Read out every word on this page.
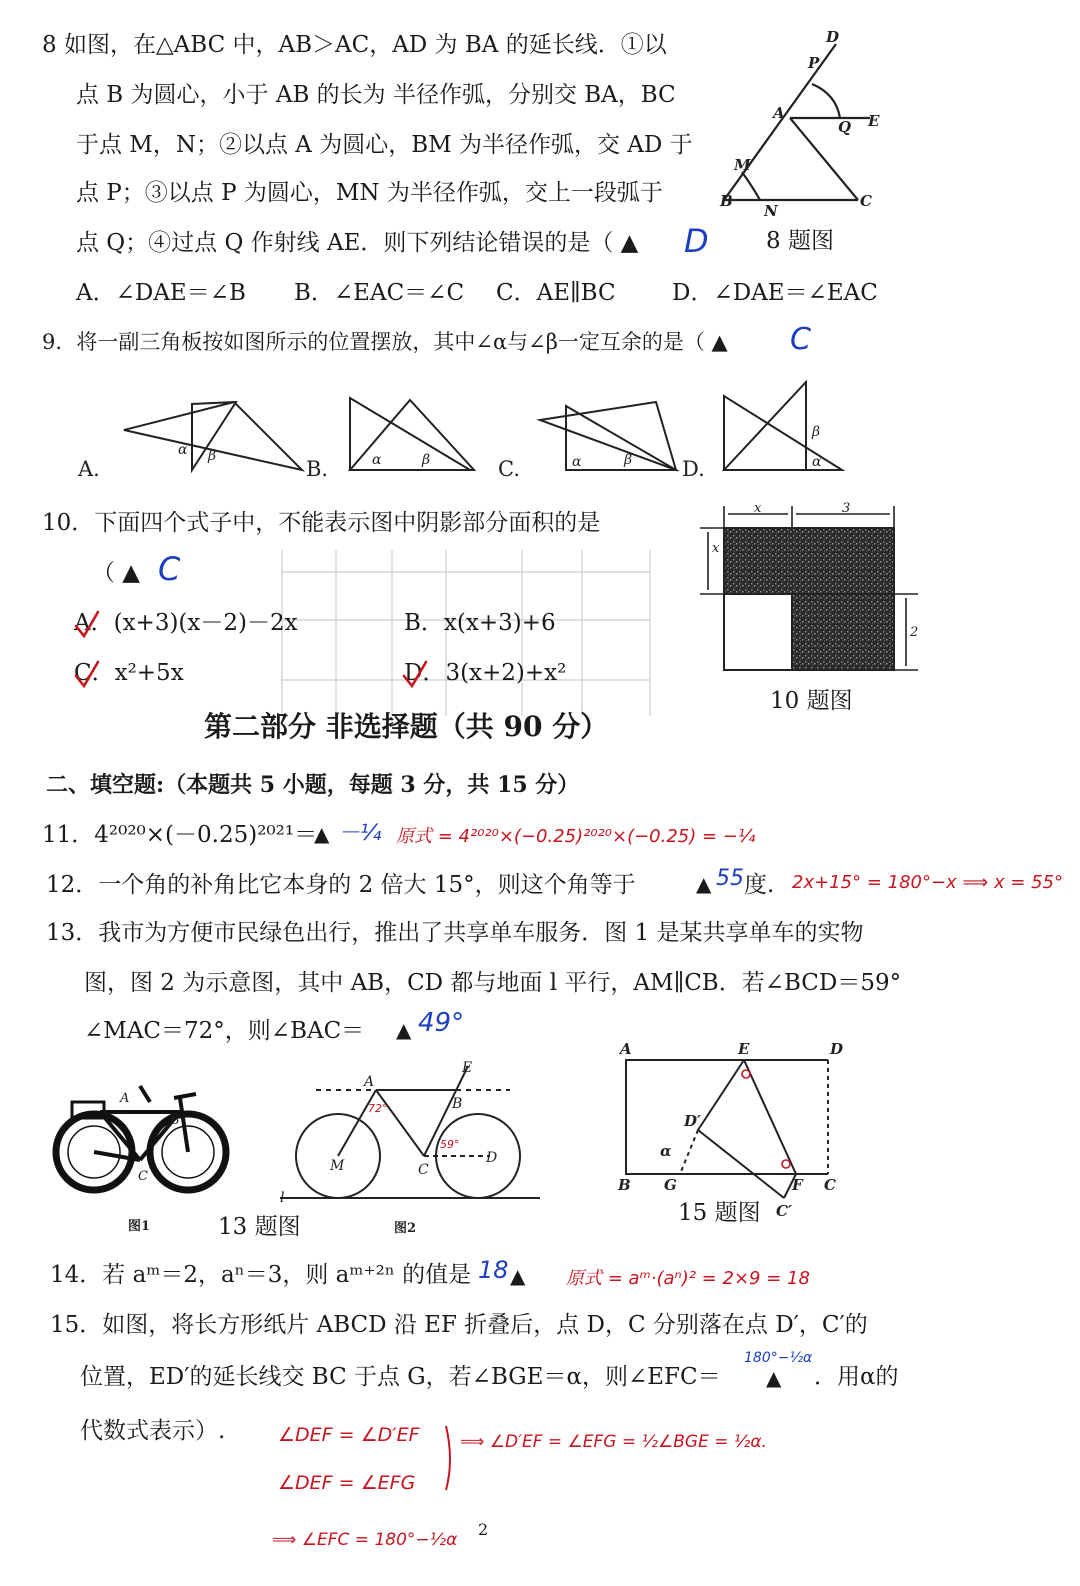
8 如图，在△ABC 中，AB＞AC，AD 为 BA 的延长线．①以
点 B 为圆心，小于 AB 的长为 半径作弧，分别交 BA，BC
于点 M，N；②以点 A 为圆心，BM 为半径作弧，交 AD 于
点 P；③以点 P 为圆心，MN 为半径作弧，交上一段弧于
点 Q；④过点 Q 作射线 AE．则下列结论错误的是（ ▲ D
A．∠DAE＝∠B B．∠EAC＝∠C C．AE∥BC D．∠DAE＝∠EAC
8 题图
D
P
A
Q E
M
B
N
C
9．将一副三角板按如图所示的位置摆放，其中∠α与∠β一定互余的是（ ▲ C
A.	B.	C.	D.
α β	α	β	α	β
β
α
10．下面四个式子中，不能表示图中阴影部分面积的是
（ ▲ C
A．(x+3)(x－2)－2x	B．x(x+3)+6
C．x²+5x	D．3(x+2)+x²
x	3
x
2
10 题图
第二部分 非选择题（共 90 分）
二、填空题:（本题共 5 小题，每题 3 分，共 15 分）
11．4²⁰²⁰×(－0.25)²⁰²¹＝
▲ －¼ 原式 = 4²⁰²⁰×(−0.25)²⁰²⁰×(−0.25) = −¼
12．一个角的补角比它本身的 2 倍大 15°，则这个角等于	▲ 55 度. 2x+15° = 180°−x ⟹ x = 55°
13．我市为方便市民绿色出行，推出了共享单车服务．图 1 是某共享单车的实物
图，图 2 为示意图，其中 AB，CD 都与地面 l 平行，AM∥CB．若∠BCD＝59°
∠MAC＝72°，则∠BAC＝ ▲ 49°
A
B
C
A
B
E
C
D
M
l
72°
59°
图1	图2
13 题图
A	E	D
D′
α
B G	F C
C′
15 题图
14．若 aᵐ＝2，aⁿ＝3，则 aᵐ⁺²ⁿ 的值是 18 ▲ 原式 = aᵐ·(aⁿ)² = 2×9 = 18
15．如图，将长方形纸片 ABCD 沿 EF 折叠后，点 D，C 分别落在点 D′，C′的
位置，ED′的延长线交 BC 于点 G，若∠BGE＝α，则∠EFC＝
180°−½α
▲ ．用α的
代数式表示）.	∠DEF = ∠D′EF
∠DEF = ∠EFG
⟹ ∠D′EF = ∠EFG = ½∠BGE = ½α.
⟹ ∠EFC = 180°−½α
2
